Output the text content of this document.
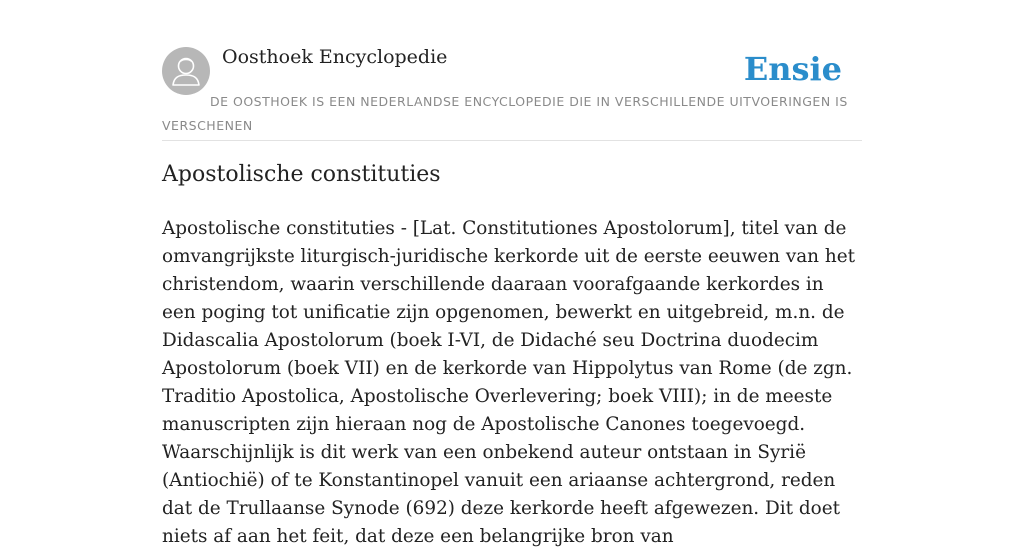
Oosthoek Encyclopedie	Ensie
DE OOSTHOEK IS EEN NEDERLANDSE ENCYCLOPEDIE DIE IN VERSCHILLENDE UITVOERINGEN IS VERSCHENEN
Apostolische constituties

Apostolische constituties - [Lat. Constitutiones Apostolorum], titel van de omvangrijkste liturgisch-juridische kerkorde uit de eerste eeuwen van het christendom, waarin verschillende daaraan voorafgaande kerkordes in een poging tot unificatie zijn opgenomen, bewerkt en uitgebreid, m.n. de Didascalia Apostolorum (boek I-VI, de Didaché seu Doctrina duodecim Apostolorum (boek VII) en de kerkorde van Hippolytus van Rome (de zgn. Traditio Apostolica, Apostolische Overlevering; boek VIII); in de meeste manuscripten zijn hieraan nog de Apostolische Canones toegevoegd. Waarschijnlijk is dit werk van een onbekend auteur ontstaan in Syrië (Antiochië) of te Konstantinopel vanuit een ariaanse achtergrond, reden dat de Trullaanse Synode (692) deze kerkorde heeft afgewezen. Dit doet niets af aan het feit, dat deze een belangrijke bron van
